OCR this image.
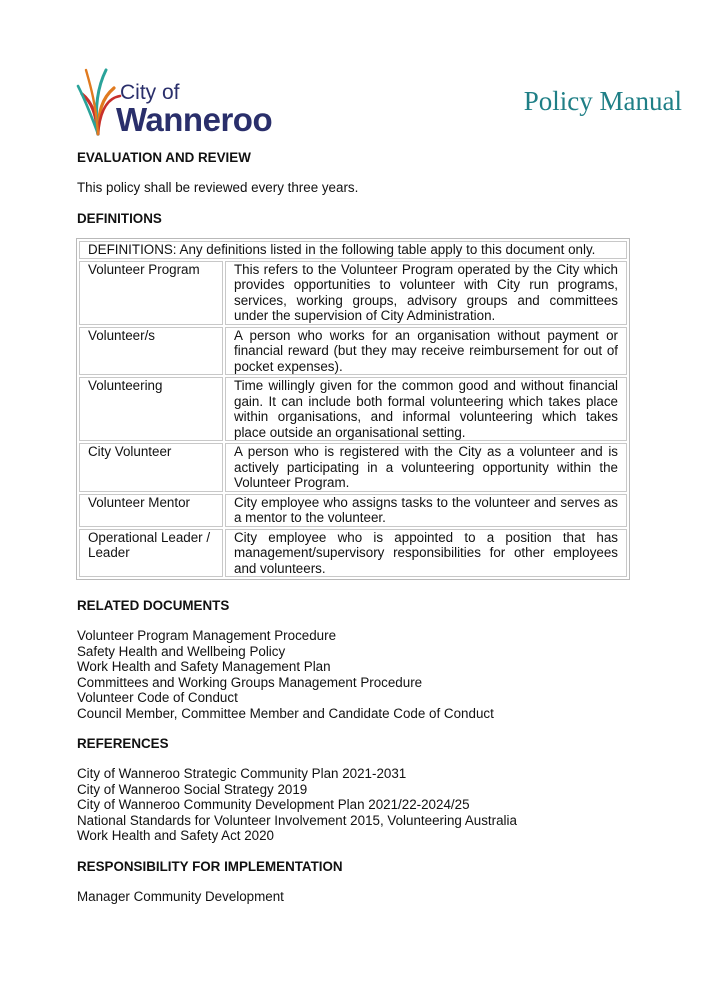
City of
Wanneroo	Policy Manual
EVALUATION AND REVIEW

This policy shall be reviewed every three years.

DEFINITIONS
DEFINITIONS: Any definitions listed in the following table apply to this document only.	
Volunteer Program	This refers to the Volunteer Program operated by the City which provides opportunities to volunteer with City run programs, services, working groups, advisory groups and committees under the supervision of City Administration.
Volunteer/s	A person who works for an organisation without payment or financial reward (but they may receive reimbursement for out of pocket expenses).
Volunteering	Time willingly given for the common good and without financial gain. It can include both formal volunteering which takes place within organisations, and informal volunteering which takes place outside an organisational setting.
City Volunteer	A person who is registered with the City as a volunteer and is actively participating in a volunteering opportunity within the Volunteer Program.
Volunteer Mentor	City employee who assigns tasks to the volunteer and serves as a mentor to the volunteer.
Operational Leader / Leader	City employee who is appointed to a position that has management/supervisory responsibilities for other employees and volunteers.
RELATED DOCUMENTS

Volunteer Program Management Procedure

Safety Health and Wellbeing Policy

Work Health and Safety Management Plan

Committees and Working Groups Management Procedure

Volunteer Code of Conduct

Council Member, Committee Member and Candidate Code of Conduct

REFERENCES

City of Wanneroo Strategic Community Plan 2021-2031

City of Wanneroo Social Strategy 2019

City of Wanneroo Community Development Plan 2021/22-2024/25

National Standards for Volunteer Involvement 2015, Volunteering Australia

Work Health and Safety Act 2020

RESPONSIBILITY FOR IMPLEMENTATION

Manager Community Development
